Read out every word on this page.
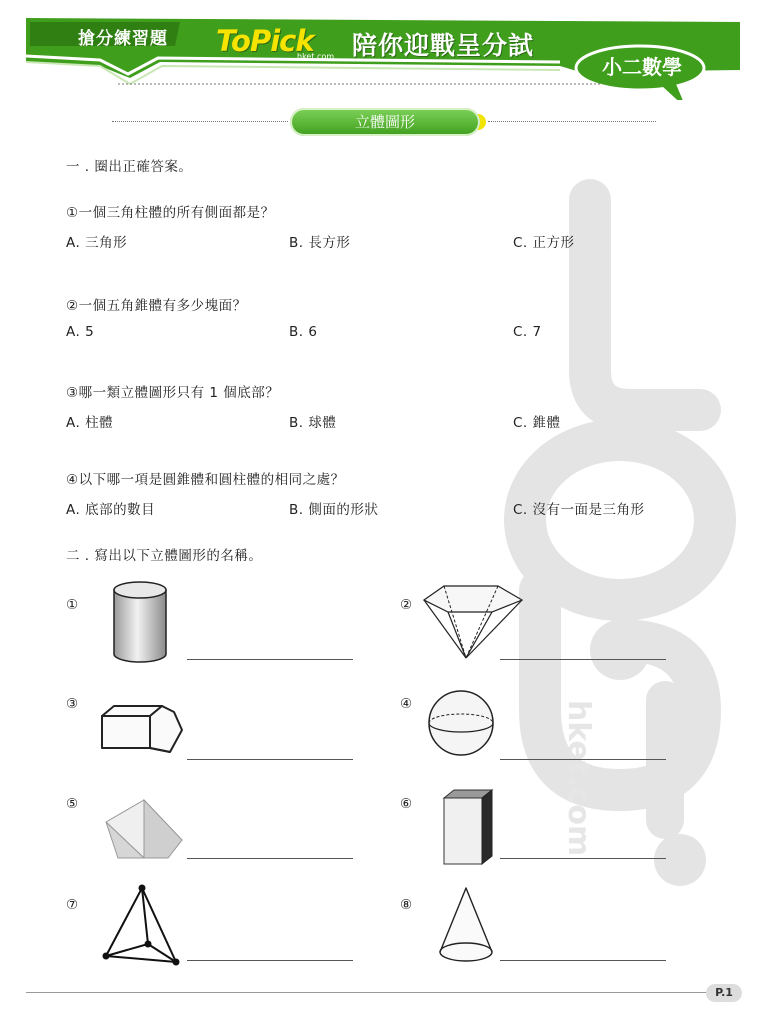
搶分練習題 ToPick
hket.com 陪你迎戰呈分試
小二數學
立體圖形
hket.com
一 . 圈出正確答案。
①一個三角柱體的所有側面都是？
A. 三角形	B. 長方形	C. 正方形
②一個五角錐體有多少塊面？
A. 5	B. 6	C. 7
③哪一類立體圖形只有 1 個底部？
A. 柱體	B. 球體	C. 錐體
④以下哪一項是圓錐體和圓柱體的相同之處？
A. 底部的數目	B. 側面的形狀	C. 沒有一面是三角形
二 . 寫出以下立體圖形的名稱。
①	②
③	④
⑤	⑥
⑦	⑧
P.1
